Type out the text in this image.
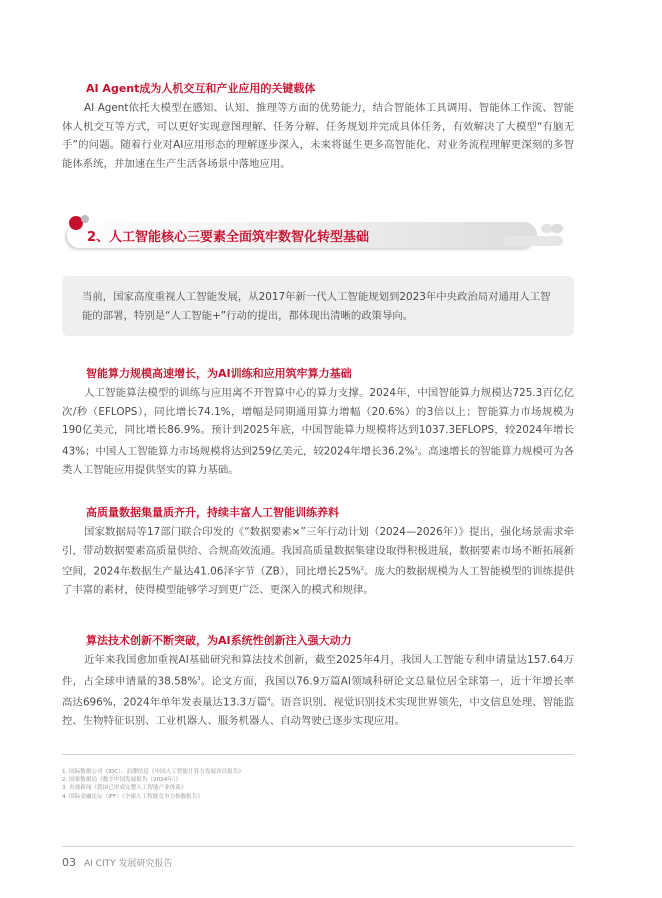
AI Agent成为人机交互和产业应用的关键载体

AI Agent依托大模型在感知、认知、推理等方面的优势能力，结合智能体工具调用、智能体工作流、智能体人机交互等方式，可以更好实现意图理解、任务分解、任务规划并完成具体任务，有效解决了大模型“有脑无手”的问题。随着行业对AI应用形态的理解逐步深入，未来将诞生更多高智能化、对业务流程理解更深刻的多智能体系统，并加速在生产生活各场景中落地应用。

2、人工智能核心三要素全面筑牢数智化转型基础
当前，国家高度重视人工智能发展，从2017年新一代人工智能规划到2023年中央政治局对通用人工智能的部署，特别是“人工智能+”行动的提出，都体现出清晰的政策导向。
智能算力规模高速增长，为AI训练和应用筑牢算力基础

人工智能算法模型的训练与应用离不开智算中心的算力支撑。2024年，中国智能算力规模达725.3百亿亿次/秒（EFLOPS），同比增长74.1%，增幅是同期通用算力增幅（20.6%）的3倍以上；智能算力市场规模为190亿美元，同比增长86.9%。预计到2025年底，中国智能算力规模将达到1037.3EFLOPS，较2024年增长43%；中国人工智能算力市场规模将达到259亿美元，较2024年增长36.2%$^1$。高速增长的智能算力规模可为各类人工智能应用提供坚实的算力基础。

高质量数据集量质齐升，持续丰富人工智能训练养料

国家数据局等17部门联合印发的《“数据要素×”三年行动计划（2024—2026年）》提出，强化场景需求牵引，带动数据要素高质量供给、合规高效流通。我国高质量数据集建设取得积极进展，数据要素市场不断拓展新空间，2024年数据生产量达41.06泽字节（ZB），同比增长25%$^2$。庞大的数据规模为人工智能模型的训练提供了丰富的素材，使得模型能够学习到更广泛、更深入的模式和规律。

算法技术创新不断突破，为AI系统性创新注入强大动力

近年来我国愈加重视AI基础研究和算法技术创新，截至2025年4月，我国人工智能专利申请量达157.64万件，占全球申请量的38.58%$^3$。论文方面，我国以76.9万篇AI领域科研论文总量位居全球第一，近十年增长率高达696%，2024年单年发表量达13.3万篇$^4$。语音识别、视觉识别技术实现世界领先，中文信息处理、智能监控、生物特征识别、工业机器人、服务机器人、自动驾驶已逐步实现应用。

1. 国际数据公司（IDC）、浪潮信息《中国人工智能计算力发展评估报告》
2. 国家数据局《数字中国发展报告（2024年）》
3. 央视新闻《我国已形成完整人工智能产业体系》
4. 国际金融论坛（IFF）《全球人工智能竞争力指数报告》
03 AI CITY 发展研究报告
